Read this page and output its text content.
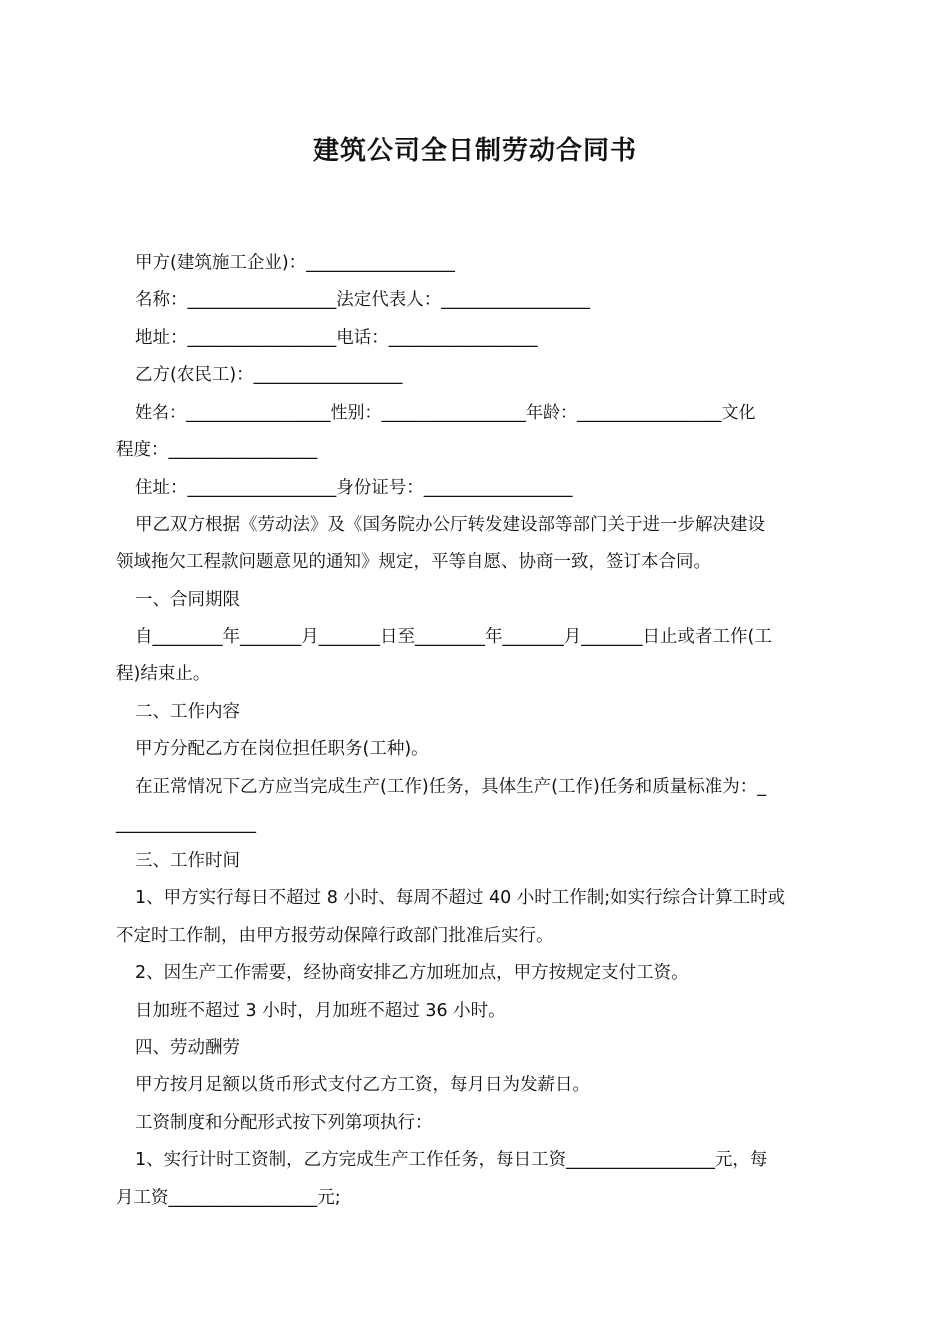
建筑公司全日制劳动合同书
甲方(建筑施工企业)：_________________
名称：_________________法定代表人：_________________
地址：_________________电话：_________________
乙方(农民工)：_________________
姓名：_________________性别：_________________年龄：_________________文化
程度：_________________
住址：_________________身份证号：_________________
甲乙双方根据《劳动法》及《国务院办公厅转发建设部等部门关于进一步解决建设
领域拖欠工程款问题意见的通知》规定，平等自愿、协商一致，签订本合同。
一、合同期限
自________年_______月_______日至________年_______月_______日止或者工作(工
程)结束止。
二、工作内容
甲方分配乙方在岗位担任职务(工种)。
在正常情况下乙方应当完成生产(工作)任务，具体生产(工作)任务和质量标准为：_
________________
三、工作时间
1、甲方实行每日不超过 8 小时、每周不超过 40 小时工作制;如实行综合计算工时或
不定时工作制，由甲方报劳动保障行政部门批准后实行。
2、因生产工作需要，经协商安排乙方加班加点，甲方按规定支付工资。
日加班不超过 3 小时，月加班不超过 36 小时。
四、劳动酬劳
甲方按月足额以货币形式支付乙方工资，每月日为发薪日。
工资制度和分配形式按下列第项执行：
1、实行计时工资制，乙方完成生产工作任务，每日工资_________________元，每
月工资_________________元;
